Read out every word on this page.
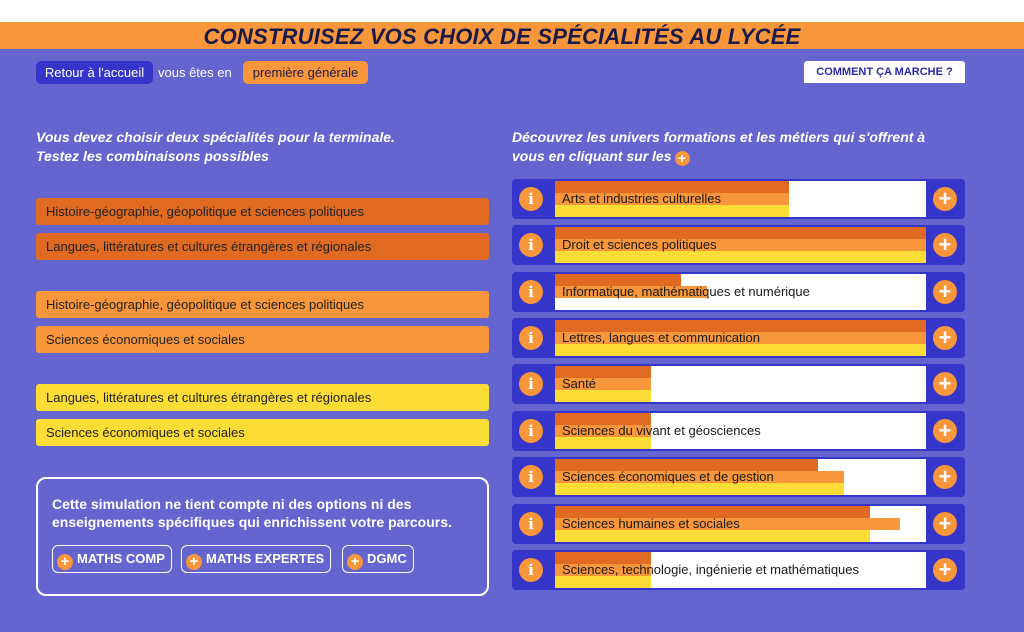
CONSTRUISEZ VOS CHOIX DE SPÉCIALITÉS AU LYCÉE
Retour à l'accueil	vous êtes en	première générale	COMMENT ÇA MARCHE ?
Vous devez choisir deux spécialités pour la terminale.
Testez les combinaisons possibles
Découvrez les univers formations et les métiers qui s'offrent à
vous en cliquant sur les +
Histoire-géographie, géopolitique et sciences politiques
Langues, littératures et cultures étrangères et régionales
Histoire-géographie, géopolitique et sciences politiques
Sciences économiques et sociales
Langues, littératures et cultures étrangères et régionales
Sciences économiques et sociales
Cette simulation ne tient compte ni des options ni des enseignements spécifiques qui enrichissent votre parcours.
+ MATHS COMP	+ MATHS EXPERTES	+ DGMC
i	Arts et industries culturelles	+
i	Droit et sciences politiques	+
i	Informatique, mathématiques et numérique	+
i	Lettres, langues et communication	+
i	Santé	+
i	Sciences du vivant et géosciences	+
i	Sciences économiques et de gestion	+
i	Sciences humaines et sociales	+
i	Sciences, technologie, ingénierie et mathématiques	+
